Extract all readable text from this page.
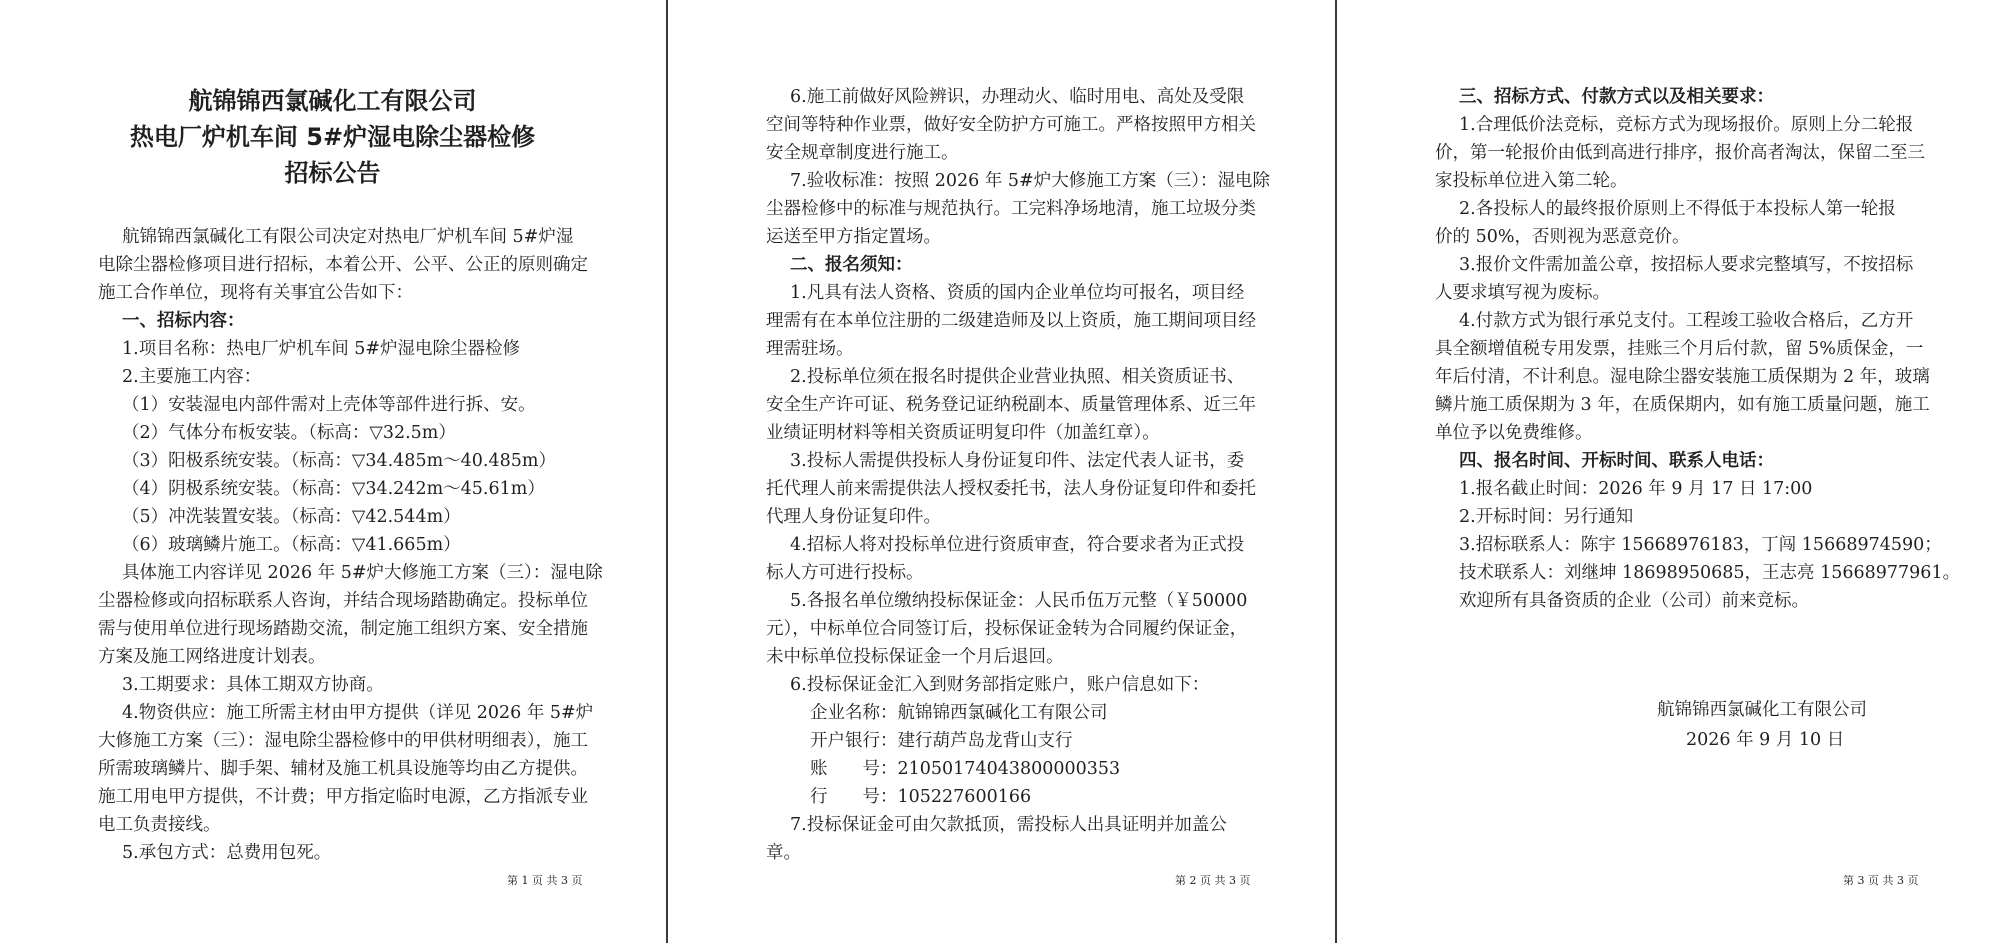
航锦锦西氯碱化工有限公司
热电厂炉机车间 5#炉湿电除尘器检修
招标公告
航锦锦西氯碱化工有限公司决定对热电厂炉机车间 5#炉湿
电除尘器检修项目进行招标，本着公开、公平、公正的原则确定
施工合作单位，现将有关事宜公告如下：
一、招标内容：
1.项目名称：热电厂炉机车间 5#炉湿电除尘器检修
2.主要施工内容：
（1）安装湿电内部件需对上壳体等部件进行拆、安。
（2）气体分布板安装。（标高：▽32.5m）
（3）阳极系统安装。（标高：▽34.485m～40.485m）
（4）阴极系统安装。（标高：▽34.242m～45.61m）
（5）冲洗装置安装。（标高：▽42.544m）
（6）玻璃鳞片施工。（标高：▽41.665m）
具体施工内容详见 2026 年 5#炉大修施工方案（三）：湿电除
尘器检修或向招标联系人咨询，并结合现场踏勘确定。投标单位
需与使用单位进行现场踏勘交流，制定施工组织方案、安全措施
方案及施工网络进度计划表。
3.工期要求：具体工期双方协商。
4.物资供应：施工所需主材由甲方提供（详见 2026 年 5#炉
大修施工方案（三）：湿电除尘器检修中的甲供材明细表），施工
所需玻璃鳞片、脚手架、辅材及施工机具设施等均由乙方提供。
施工用电甲方提供，不计费；甲方指定临时电源，乙方指派专业
电工负责接线。
5.承包方式：总费用包死。
第 1 页 共 3 页
6.施工前做好风险辨识，办理动火、临时用电、高处及受限
空间等特种作业票，做好安全防护方可施工。严格按照甲方相关
安全规章制度进行施工。
7.验收标准：按照 2026 年 5#炉大修施工方案（三）：湿电除
尘器检修中的标准与规范执行。工完料净场地清，施工垃圾分类
运送至甲方指定置场。
二、报名须知：
1.凡具有法人资格、资质的国内企业单位均可报名，项目经
理需有在本单位注册的二级建造师及以上资质，施工期间项目经
理需驻场。
2.投标单位须在报名时提供企业营业执照、相关资质证书、
安全生产许可证、税务登记证纳税副本、质量管理体系、近三年
业绩证明材料等相关资质证明复印件（加盖红章）。
3.投标人需提供投标人身份证复印件、法定代表人证书，委
托代理人前来需提供法人授权委托书，法人身份证复印件和委托
代理人身份证复印件。
4.招标人将对投标单位进行资质审查，符合要求者为正式投
标人方可进行投标。
5.各报名单位缴纳投标保证金：人民币伍万元整（￥50000
元），中标单位合同签订后，投标保证金转为合同履约保证金，
未中标单位投标保证金一个月后退回。
6.投标保证金汇入到财务部指定账户，账户信息如下：
企业名称：航锦锦西氯碱化工有限公司
开户银行：建行葫芦岛龙背山支行
账　　号：21050174043800000353
行　　号：105227600166
7.投标保证金可由欠款抵顶，需投标人出具证明并加盖公
章。
第 2 页 共 3 页
三、招标方式、付款方式以及相关要求：
1.合理低价法竞标，竞标方式为现场报价。原则上分二轮报
价，第一轮报价由低到高进行排序，报价高者淘汰，保留二至三
家投标单位进入第二轮。
2.各投标人的最终报价原则上不得低于本投标人第一轮报
价的 50%，否则视为恶意竞价。
3.报价文件需加盖公章，按招标人要求完整填写，不按招标
人要求填写视为废标。
4.付款方式为银行承兑支付。工程竣工验收合格后，乙方开
具全额增值税专用发票，挂账三个月后付款，留 5%质保金，一
年后付清，不计利息。湿电除尘器安装施工质保期为 2 年，玻璃
鳞片施工质保期为 3 年，在质保期内，如有施工质量问题，施工
单位予以免费维修。
四、报名时间、开标时间、联系人电话：
1.报名截止时间：2026 年 9 月 17 日 17:00
2.开标时间：另行通知
3.招标联系人：陈宇 15668976183，丁闯 15668974590；
技术联系人：刘继坤 18698950685，王志亮 15668977961。
欢迎所有具备资质的企业（公司）前来竞标。
航锦锦西氯碱化工有限公司
2026 年 9 月 10 日
第 3 页 共 3 页
